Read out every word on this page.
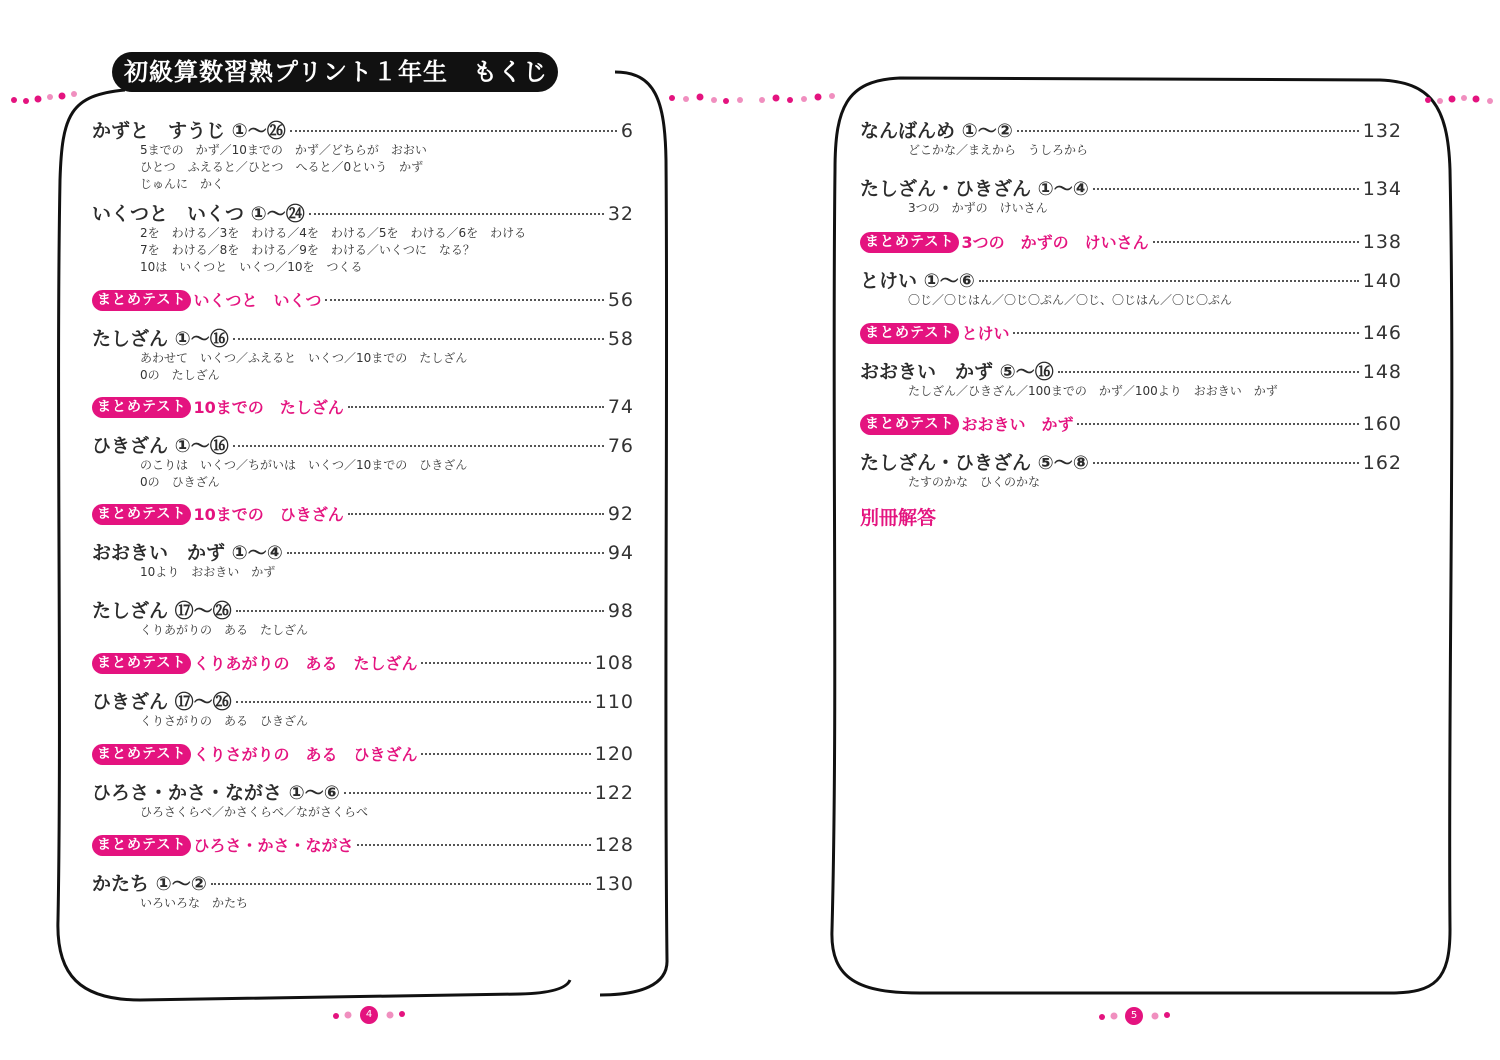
初級算数習熟プリント１年生　もくじ
かずと　すうじ ①～㉖	6
5までの　かず／10までの　かず／どちらが　おおい
ひとつ　ふえると／ひとつ　へると／0という　かず
じゅんに　かく
いくつと　いくつ ①～㉔	32
2を　わける／3を　わける／4を　わける／5を　わける／6を　わける
7を　わける／8を　わける／9を　わける／いくつに　なる？
10は　いくつと　いくつ／10を　つくる
まとめテスト いくつと　いくつ	56
たしざん ①～⑯	58
あわせて　いくつ／ふえると　いくつ／10までの　たしざん
0の　たしざん
まとめテスト 10までの　たしざん	74
ひきざん ①～⑯	76
のこりは　いくつ／ちがいは　いくつ／10までの　ひきざん
0の　ひきざん
まとめテスト 10までの　ひきざん	92
おおきい　かず ①～④	94
10より　おおきい　かず
たしざん ⑰～㉖	98
くりあがりの　ある　たしざん
まとめテスト くりあがりの　ある　たしざん	108
ひきざん ⑰～㉖	110
くりさがりの　ある　ひきざん
まとめテスト くりさがりの　ある　ひきざん	120
ひろさ・かさ・ながさ ①～⑥	122
ひろさくらべ／かさくらべ／ながさくらべ
まとめテスト ひろさ・かさ・ながさ	128
かたち ①～②	130
いろいろな　かたち
なんばんめ ①～②	132
どこかな／まえから　うしろから
たしざん・ひきざん ①～④	134
3つの　かずの　けいさん
まとめテスト 3つの　かずの　けいさん	138
とけい ①～⑥	140
〇じ／〇じはん／〇じ〇ぷん／〇じ、〇じはん／〇じ〇ぷん
まとめテスト とけい	146
おおきい　かず ⑤～⑯	148
たしざん／ひきざん／100までの　かず／100より　おおきい　かず
まとめテスト おおきい　かず	160
たしざん・ひきざん ⑤～⑧	162
たすのかな　ひくのかな
別冊解答
4	5
